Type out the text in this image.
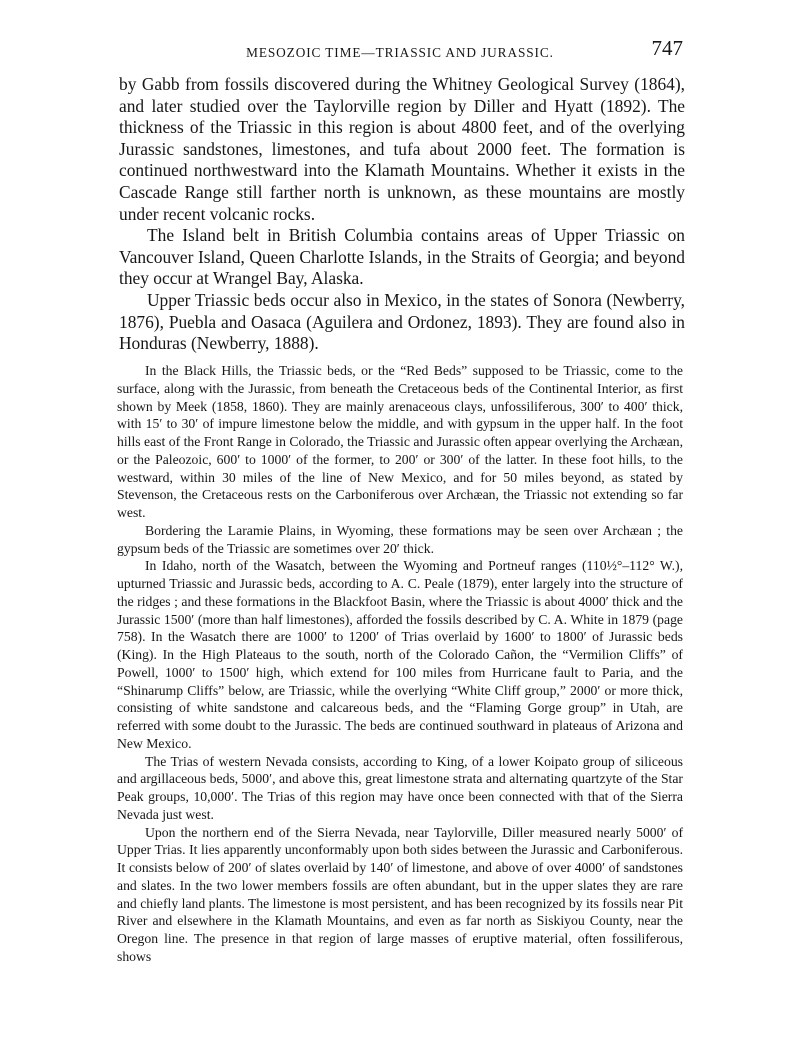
MESOZOIC TIME—TRIASSIC AND JURASSIC.	747

by Gabb from fossils discovered during the Whitney Geological Survey (1864), and later studied over the Taylorville region by Diller and Hyatt (1892). The thickness of the Triassic in this region is about 4800 feet, and of the overlying Jurassic sandstones, limestones, and tufa about 2000 feet. The formation is continued northwestward into the Klamath Mountains. Whether it exists in the Cascade Range still farther north is unknown, as these mountains are mostly under recent volcanic rocks.

The Island belt in British Columbia contains areas of Upper Triassic on Vancouver Island, Queen Charlotte Islands, in the Straits of Georgia; and beyond they occur at Wrangel Bay, Alaska.

Upper Triassic beds occur also in Mexico, in the states of Sonora (Newberry, 1876), Puebla and Oasaca (Aguilera and Ordonez, 1893). They are found also in Honduras (Newberry, 1888).

In the Black Hills, the Triassic beds, or the “Red Beds” supposed to be Triassic, come to the surface, along with the Jurassic, from beneath the Cretaceous beds of the Continental Interior, as first shown by Meek (1858, 1860). They are mainly arenaceous clays, unfossiliferous, 300′ to 400′ thick, with 15′ to 30′ of impure limestone below the middle, and with gypsum in the upper half. In the foot hills east of the Front Range in Colorado, the Triassic and Jurassic often appear overlying the Archæan, or the Paleozoic, 600′ to 1000′ of the former, to 200′ or 300′ of the latter. In these foot hills, to the westward, within 30 miles of the line of New Mexico, and for 50 miles beyond, as stated by Stevenson, the Cretaceous rests on the Carboniferous over Archæan, the Triassic not extending so far west.

Bordering the Laramie Plains, in Wyoming, these formations may be seen over Archæan ; the gypsum beds of the Triassic are sometimes over 20′ thick.

In Idaho, north of the Wasatch, between the Wyoming and Portneuf ranges (110½°–112° W.), upturned Triassic and Jurassic beds, according to A. C. Peale (1879), enter largely into the structure of the ridges ; and these formations in the Blackfoot Basin, where the Triassic is about 4000′ thick and the Jurassic 1500′ (more than half limestones), afforded the fossils described by C. A. White in 1879 (page 758). In the Wasatch there are 1000′ to 1200′ of Trias overlaid by 1600′ to 1800′ of Jurassic beds (King). In the High Plateaus to the south, north of the Colorado Cañon, the “Vermilion Cliffs” of Powell, 1000′ to 1500′ high, which extend for 100 miles from Hurricane fault to Paria, and the “Shinarump Cliffs” below, are Triassic, while the overlying “White Cliff group,” 2000′ or more thick, consisting of white sandstone and calcareous beds, and the “Flaming Gorge group” in Utah, are referred with some doubt to the Jurassic. The beds are continued southward in plateaus of Arizona and New Mexico.

The Trias of western Nevada consists, according to King, of a lower Koipato group of siliceous and argillaceous beds, 5000′, and above this, great limestone strata and alternating quartzyte of the Star Peak groups, 10,000′. The Trias of this region may have once been connected with that of the Sierra Nevada just west.

Upon the northern end of the Sierra Nevada, near Taylorville, Diller measured nearly 5000′ of Upper Trias. It lies apparently unconformably upon both sides between the Jurassic and Carboniferous. It consists below of 200′ of slates overlaid by 140′ of limestone, and above of over 4000′ of sandstones and slates. In the two lower members fossils are often abundant, but in the upper slates they are rare and chiefly land plants. The limestone is most persistent, and has been recognized by its fossils near Pit River and elsewhere in the Klamath Mountains, and even as far north as Siskiyou County, near the Oregon line. The presence in that region of large masses of eruptive material, often fossiliferous, shows
